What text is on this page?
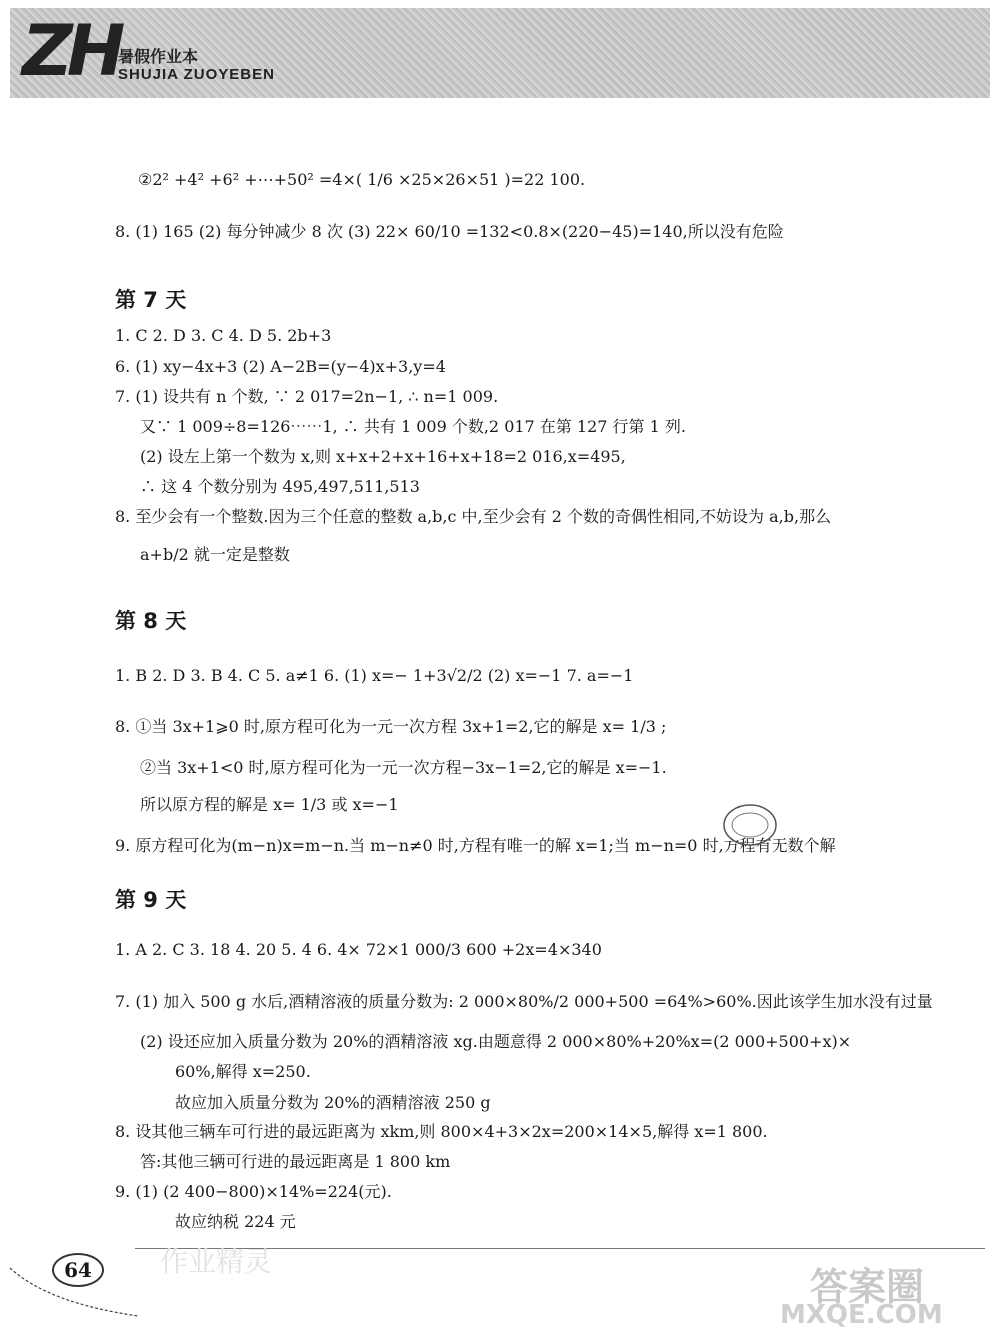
ZH
暑假作业本
SHUJIA ZUOYEBEN
②2² +4² +6² +⋯+50² =4×( 1/6 ×25×26×51 )=22 100.
8. (1) 165 (2) 每分钟减少 8 次 (3) 22× 60/10 =132<0.8×(220−45)=140,所以没有危险
第 7 天
1. C 2. D 3. C 4. D 5. 2b+3
6. (1) xy−4x+3 (2) A−2B=(y−4)x+3,y=4
7. (1) 设共有 n 个数, ∵ 2 017=2n−1, ∴ n=1 009.
又∵ 1 009÷8=126⋯⋯1, ∴ 共有 1 009 个数,2 017 在第 127 行第 1 列.
(2) 设左上第一个数为 x,则 x+x+2+x+16+x+18=2 016,x=495,
∴ 这 4 个数分别为 495,497,511,513
8. 至少会有一个整数.因为三个任意的整数 a,b,c 中,至少会有 2 个数的奇偶性相同,不妨设为 a,b,那么
a+b/2 就一定是整数
第 8 天
1. B 2. D 3. B 4. C 5. a≠1 6. (1) x=− 1+3√2/2 (2) x=−1 7. a=−1
8. ①当 3x+1⩾0 时,原方程可化为一元一次方程 3x+1=2,它的解是 x= 1/3 ;
②当 3x+1<0 时,原方程可化为一元一次方程−3x−1=2,它的解是 x=−1.
所以原方程的解是 x= 1/3 或 x=−1
9. 原方程可化为(m−n)x=m−n.当 m−n≠0 时,方程有唯一的解 x=1;当 m−n=0 时,方程有无数个解
第 9 天
1. A 2. C 3. 18 4. 20 5. 4 6. 4× 72×1 000/3 600 +2x=4×340
7. (1) 加入 500 g 水后,酒精溶液的质量分数为: 2 000×80%/2 000+500 =64%>60%.因此该学生加水没有过量
(2) 设还应加入质量分数为 20%的酒精溶液 xg.由题意得 2 000×80%+20%x=(2 000+500+x)×
60%,解得 x=250.
故应加入质量分数为 20%的酒精溶液 250 g
8. 设其他三辆车可行进的最远距离为 xkm,则 800×4+3×2x=200×14×5,解得 x=1 800.
答:其他三辆可行进的最远距离是 1 800 km
9. (1) (2 400−800)×14%=224(元).
故应纳税 224 元
64	作业精灵
答案圈
MXQE.COM
